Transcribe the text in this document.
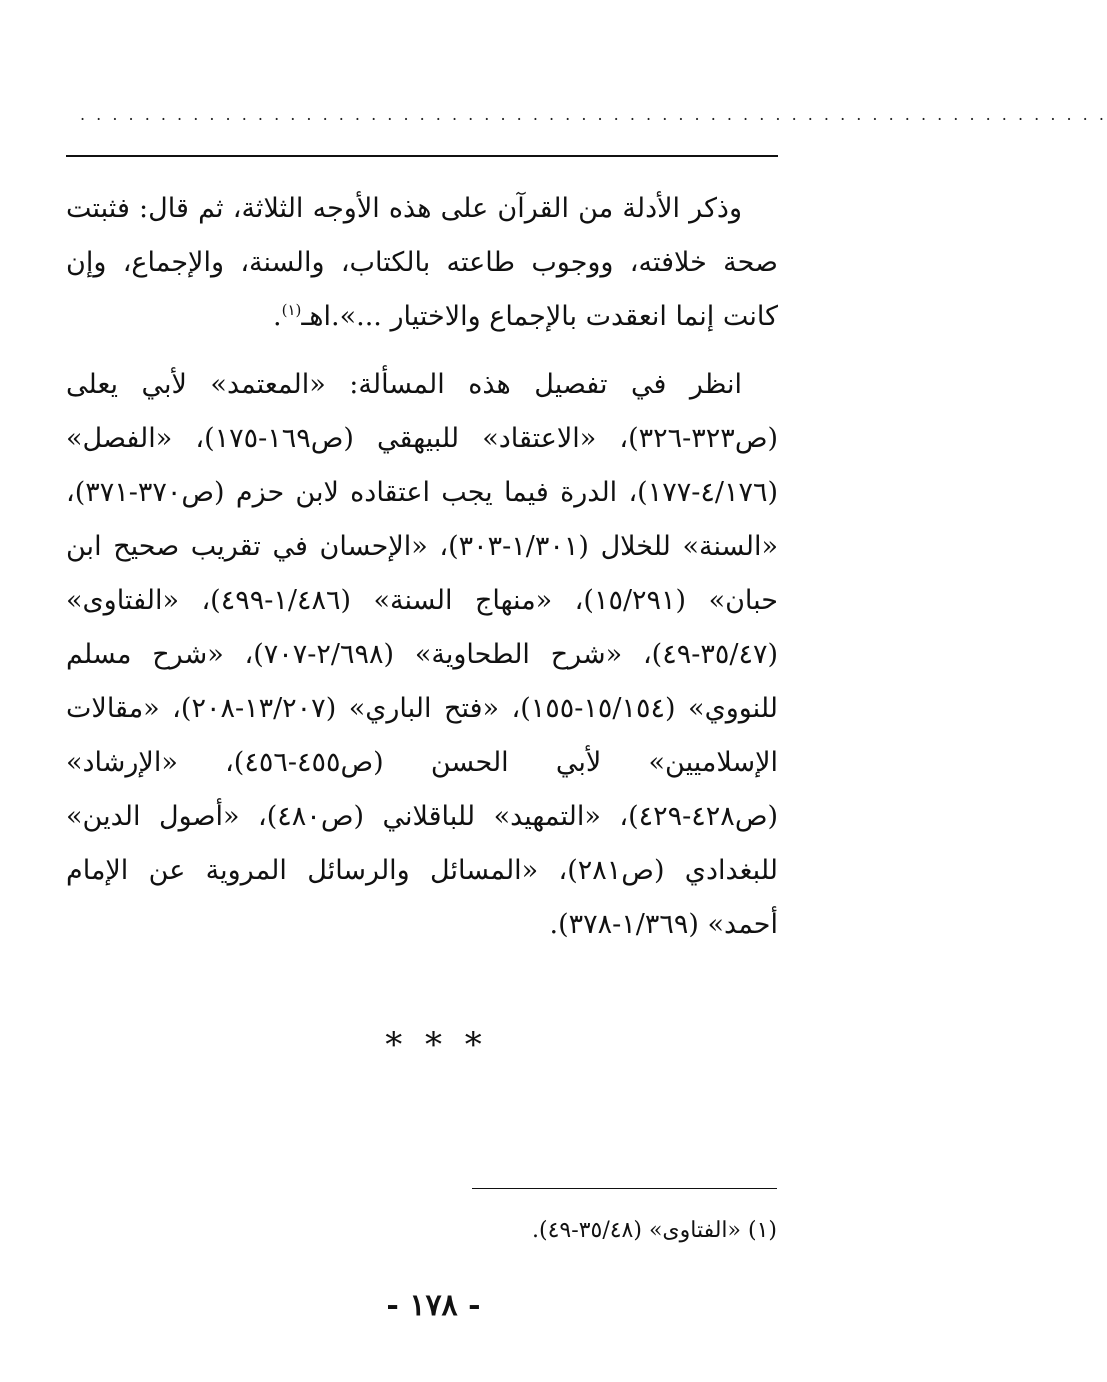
. . . . . . . . . . . . . . . . . . . . . . . . . . . . . . . . . . . . . . . . . . . . . . . . . . . . . . . . . . . . . . . .

وذكر الأدلة من القرآن على هذه الأوجه الثلاثة، ثم قال: فثبتت صحة خلافته، ووجوب طاعته بالكتاب، والسنة، والإجماع، وإن كانت إنما انعقدت بالإجماع والاختيار ...».اهـ$^{(١)}$.

انظر في تفصيل هذه المسألة: «المعتمد» لأبي يعلى (ص٣٢٣-٣٢٦)، «الاعتقاد» للبيهقي (ص١٦٩-١٧٥)، «الفصل» (٤/١٧٦-١٧٧)، الدرة فيما يجب اعتقاده لابن حزم (ص٣٧٠-٣٧١)، «السنة» للخلال (١/٣٠١-٣٠٣)، «الإحسان في تقريب صحيح ابن حبان» (١٥/٢٩١)، «منهاج السنة» (١/٤٨٦-٤٩٩)، «الفتاوى» (٣٥/٤٧-٤٩)، «شرح الطحاوية» (٢/٦٩٨-٧٠٧)، «شرح مسلم للنووي» (١٥/١٥٤-١٥٥)، «فتح الباري» (١٣/٢٠٧-٢٠٨)، «مقالات الإسلاميين» لأبي الحسن (ص٤٥٥-٤٥٦)، «الإرشاد» (ص٤٢٨-٤٢٩)، «التمهيد» للباقلاني (ص٤٨٠)، «أصول الدين» للبغدادي (ص٢٨١)، «المسائل والرسائل المروية عن الإمام أحمد» (١/٣٦٩-٣٧٨).

* * *
(١) «الفتاوى» (٣٥/٤٨-٤٩).
- ١٧٨ -
